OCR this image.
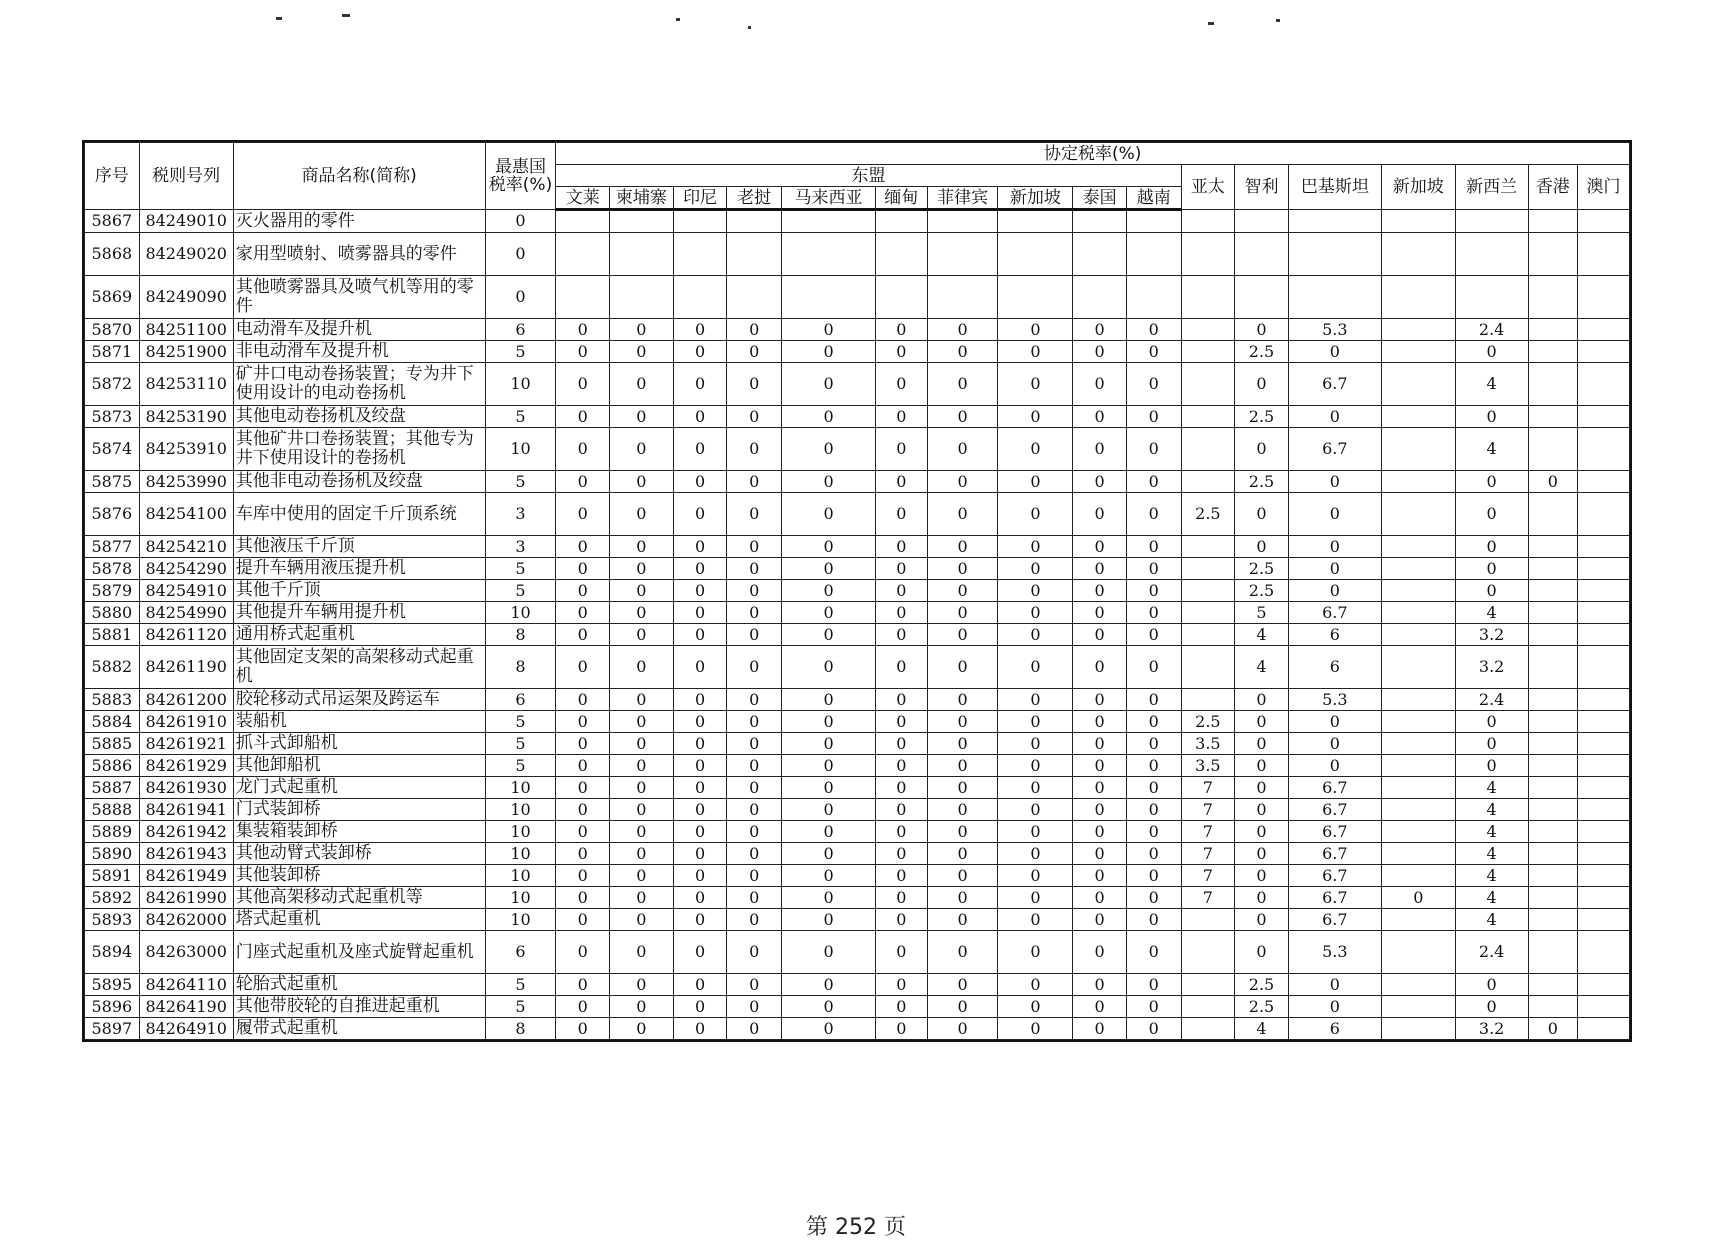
序号	税则号列	商品名称(简称)	最惠国税率(%)	协定税率(%)																
				东盟										亚太	智利	巴基斯坦	新加坡	新西兰	香港	澳门
				文莱	柬埔寨	印尼	老挝	马来西亚	缅甸	菲律宾	新加坡	泰国	越南							
5867	84249010	灭火器用的零件	0																	
5868	84249020	家用型喷射、喷雾器具的零件	0																	
5869	84249090	其他喷雾器具及喷气机等用的零件	0																	
5870	84251100	电动滑车及提升机	6	0	0	0	0	0	0	0	0	0	0		0	5.3		2.4		
5871	84251900	非电动滑车及提升机	5	0	0	0	0	0	0	0	0	0	0		2.5	0		0		
5872	84253110	矿井口电动卷扬装置；专为井下使用设计的电动卷扬机	10	0	0	0	0	0	0	0	0	0	0		0	6.7		4		
5873	84253190	其他电动卷扬机及绞盘	5	0	0	0	0	0	0	0	0	0	0		2.5	0		0		
5874	84253910	其他矿井口卷扬装置；其他专为井下使用设计的卷扬机	10	0	0	0	0	0	0	0	0	0	0		0	6.7		4		
5875	84253990	其他非电动卷扬机及绞盘	5	0	0	0	0	0	0	0	0	0	0		2.5	0		0	0	
5876	84254100	车库中使用的固定千斤顶系统	3	0	0	0	0	0	0	0	0	0	0	2.5	0	0		0		
5877	84254210	其他液压千斤顶	3	0	0	0	0	0	0	0	0	0	0		0	0		0		
5878	84254290	提升车辆用液压提升机	5	0	0	0	0	0	0	0	0	0	0		2.5	0		0		
5879	84254910	其他千斤顶	5	0	0	0	0	0	0	0	0	0	0		2.5	0		0		
5880	84254990	其他提升车辆用提升机	10	0	0	0	0	0	0	0	0	0	0		5	6.7		4		
5881	84261120	通用桥式起重机	8	0	0	0	0	0	0	0	0	0	0		4	6		3.2		
5882	84261190	其他固定支架的高架移动式起重机	8	0	0	0	0	0	0	0	0	0	0		4	6		3.2		
5883	84261200	胶轮移动式吊运架及跨运车	6	0	0	0	0	0	0	0	0	0	0		0	5.3		2.4		
5884	84261910	装船机	5	0	0	0	0	0	0	0	0	0	0	2.5	0	0		0		
5885	84261921	抓斗式卸船机	5	0	0	0	0	0	0	0	0	0	0	3.5	0	0		0		
5886	84261929	其他卸船机	5	0	0	0	0	0	0	0	0	0	0	3.5	0	0		0		
5887	84261930	龙门式起重机	10	0	0	0	0	0	0	0	0	0	0	7	0	6.7		4		
5888	84261941	门式装卸桥	10	0	0	0	0	0	0	0	0	0	0	7	0	6.7		4		
5889	84261942	集装箱装卸桥	10	0	0	0	0	0	0	0	0	0	0	7	0	6.7		4		
5890	84261943	其他动臂式装卸桥	10	0	0	0	0	0	0	0	0	0	0	7	0	6.7		4		
5891	84261949	其他装卸桥	10	0	0	0	0	0	0	0	0	0	0	7	0	6.7		4		
5892	84261990	其他高架移动式起重机等	10	0	0	0	0	0	0	0	0	0	0	7	0	6.7	0	4		
5893	84262000	塔式起重机	10	0	0	0	0	0	0	0	0	0	0		0	6.7		4		
5894	84263000	门座式起重机及座式旋臂起重机	6	0	0	0	0	0	0	0	0	0	0		0	5.3		2.4		
5895	84264110	轮胎式起重机	5	0	0	0	0	0	0	0	0	0	0		2.5	0		0		
5896	84264190	其他带胶轮的自推进起重机	5	0	0	0	0	0	0	0	0	0	0		2.5	0		0		
5897	84264910	履带式起重机	8	0	0	0	0	0	0	0	0	0	0		4	6		3.2	0	
第 252 页
